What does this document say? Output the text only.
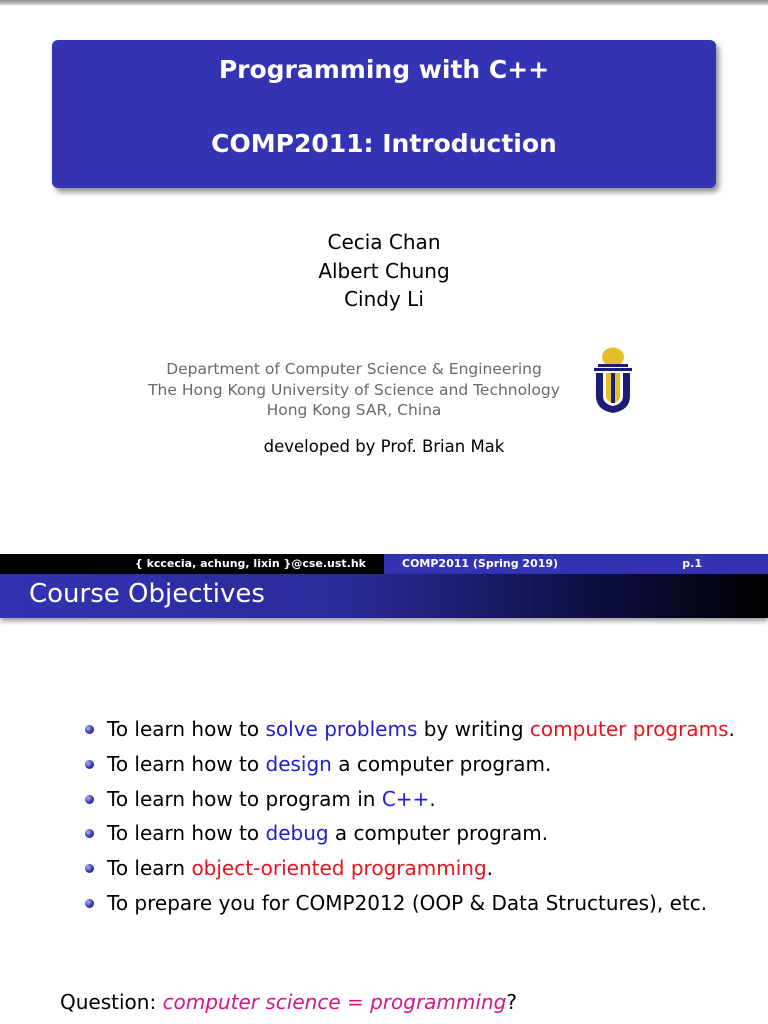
Programming with C++
COMP2011: Introduction
Cecia Chan
Albert Chung
Cindy Li
Department of Computer Science & Engineering
The Hong Kong University of Science and Technology
Hong Kong SAR, China
developed by Prof. Brian Mak
{ kccecia, achung, lixin }@cse.ust.hk	COMP2011 (Spring 2019)	p.1
Course Objectives
To learn how to solve problems by writing computer programs.
To learn how to design a computer program.
To learn how to program in C++.
To learn how to debug a computer program.
To learn object-oriented programming.
To prepare you for COMP2012 (OOP & Data Structures), etc.
Question: computer science = programming?
